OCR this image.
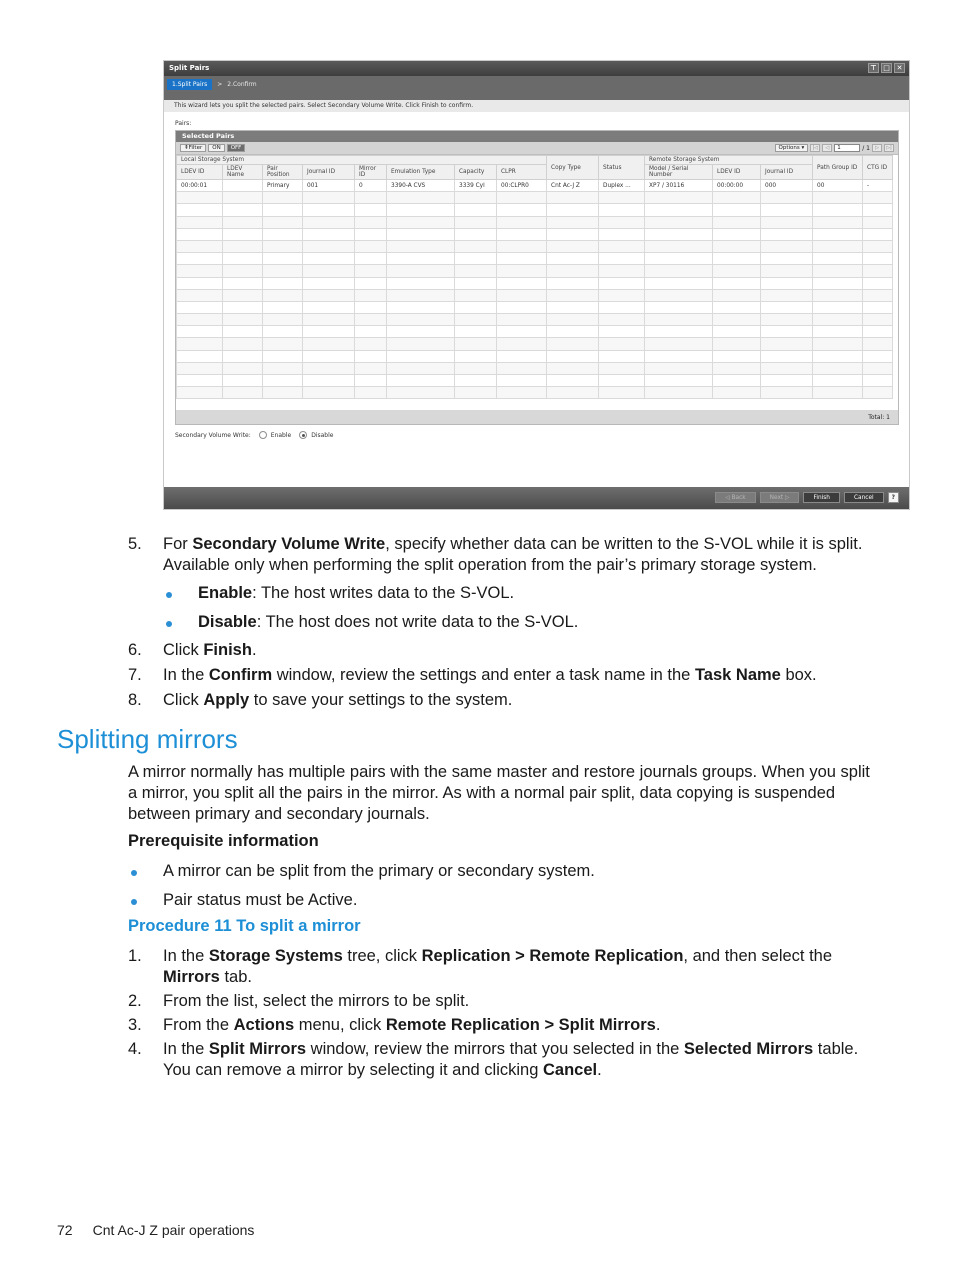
Split Pairs	⊤ □ ✕
1.Split Pairs	> 2.Confirm
This wizard lets you split the selected pairs. Select Secondary Volume Write. Click Finish to confirm.
Pairs:
Selected Pairs
⇞Filter	ON	OFF	Options ▾	|◁	◁	1	/ 1	▷	▷|
Local Storage System								Copy Type	Status	Remote Storage System			Path Group ID	CTG ID
LDEV ID	LDEV Name	Pair Position	Journal ID	Mirror ID	Emulation Type	Capacity	CLPR			Model / Serial Number	LDEV ID	Journal ID		
00:00:01		Primary	001	0	3390-A CVS	3339 Cyl	00:CLPR0	Cnt Ac-J Z	Duplex ...	XP7 / 30116	00:00:00	000	00	-

Total: 1
Secondary Volume Write:	Enable	Disable
◁ Back	Next ▷	Finish	Cancel	?
5. For Secondary Volume Write, specify whether data can be written to the S-VOL while it is split. Available only when performing the split operation from the pair’s primary storage system.
Enable: The host writes data to the S-VOL.
Disable: The host does not write data to the S-VOL.
6. Click Finish.
7. In the Confirm window, review the settings and enter a task name in the Task Name box.
8. Click Apply to save your settings to the system.
Splitting mirrors
A mirror normally has multiple pairs with the same master and restore journals groups. When you split a mirror, you split all the pairs in the mirror. As with a normal pair split, data copying is suspended between primary and secondary journals.
Prerequisite information
A mirror can be split from the primary or secondary system.
Pair status must be Active.
Procedure 11 To split a mirror
1. In the Storage Systems tree, click Replication > Remote Replication, and then select the Mirrors tab.
2. From the list, select the mirrors to be split.
3. From the Actions menu, click Remote Replication > Split Mirrors.
4. In the Split Mirrors window, review the mirrors that you selected in the Selected Mirrors table. You can remove a mirror by selecting it and clicking Cancel.
72 Cnt Ac-J Z pair operations
